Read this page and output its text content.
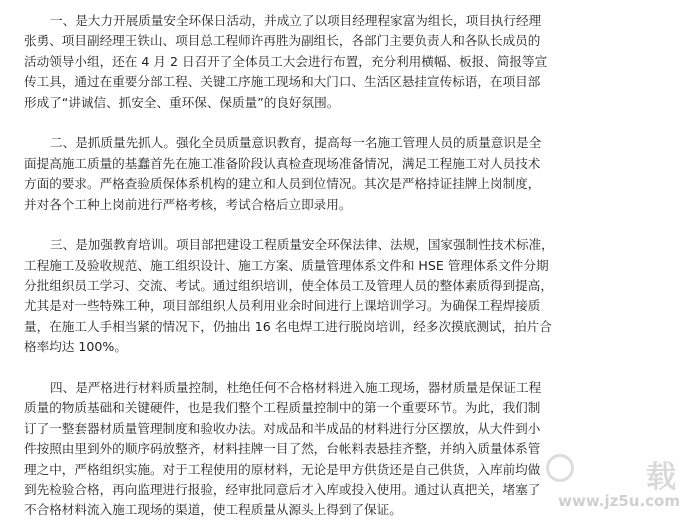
一、是大力开展质量安全环保日活动，并成立了以项目经理程家富为组长，项目执行经理
张勇、项目副经理王铁山、项目总工程师许再胜为副组长，各部门主要负责人和各队长成员的
活动领导小组，还在 4 月 2 日召开了全体员工大会进行布置，充分利用横幅、板报、简报等宣
传工具，通过在重要分部工程、关键工序施工现场和大门口、生活区悬挂宣传标语，在项目部
形成了“讲诚信、抓安全、重环保、保质量”的良好氛围。

二、是抓质量先抓人。强化全员质量意识教育，提高每一名施工管理人员的质量意识是全
面提高施工质量的基蠢首先在施工准备阶段认真检查现场准备情况，满足工程施工对人员技术
方面的要求。严格查验质保体系机构的建立和人员到位情况。其次是严格持证挂牌上岗制度，
并对各个工种上岗前进行严格考核，考试合格后立即录用。

三、是加强教育培训。项目部把建设工程质量安全环保法律、法规，国家强制性技术标准，
工程施工及验收规范、施工组织设计、施工方案、质量管理体系文件和 HSE 管理体系文件分期
分批组织员工学习、交流、考试。通过组织培训，使全体员工及管理人员的整体素质得到提高，
尤其是对一些特殊工种，项目部组织人员利用业余时间进行上课培训学习。为确保工程焊接质
量，在施工人手相当紧的情况下，仍抽出 16 名电焊工进行脱岗培训，经多次摸底测试，拍片合
格率均达 100%。

四、是严格进行材料质量控制，杜绝任何不合格材料进入施工现场，器材质量是保证工程
质量的物质基础和关键硬件，也是我们整个工程质量控制中的第一个重要环节。为此，我们制
订了一整套器材质量管理制度和验收办法。对成品和半成品的材料进行分区摆放，从大件到小
件按照由里到外的顺序码放整齐，材料挂牌一目了然，台帐料表悬挂齐整，并纳入质量体系管
理之中，严格组织实施。对于工程使用的原材料，无论是甲方供货还是自己供货，入库前均做
到先检验合格，再向监理进行报验，经审批同意后才入库或投入使用。通过认真把关，堵塞了
不合格材料流入施工现场的渠道，使工程质量从源头上得到了保证。

载
www.jz5u.com
